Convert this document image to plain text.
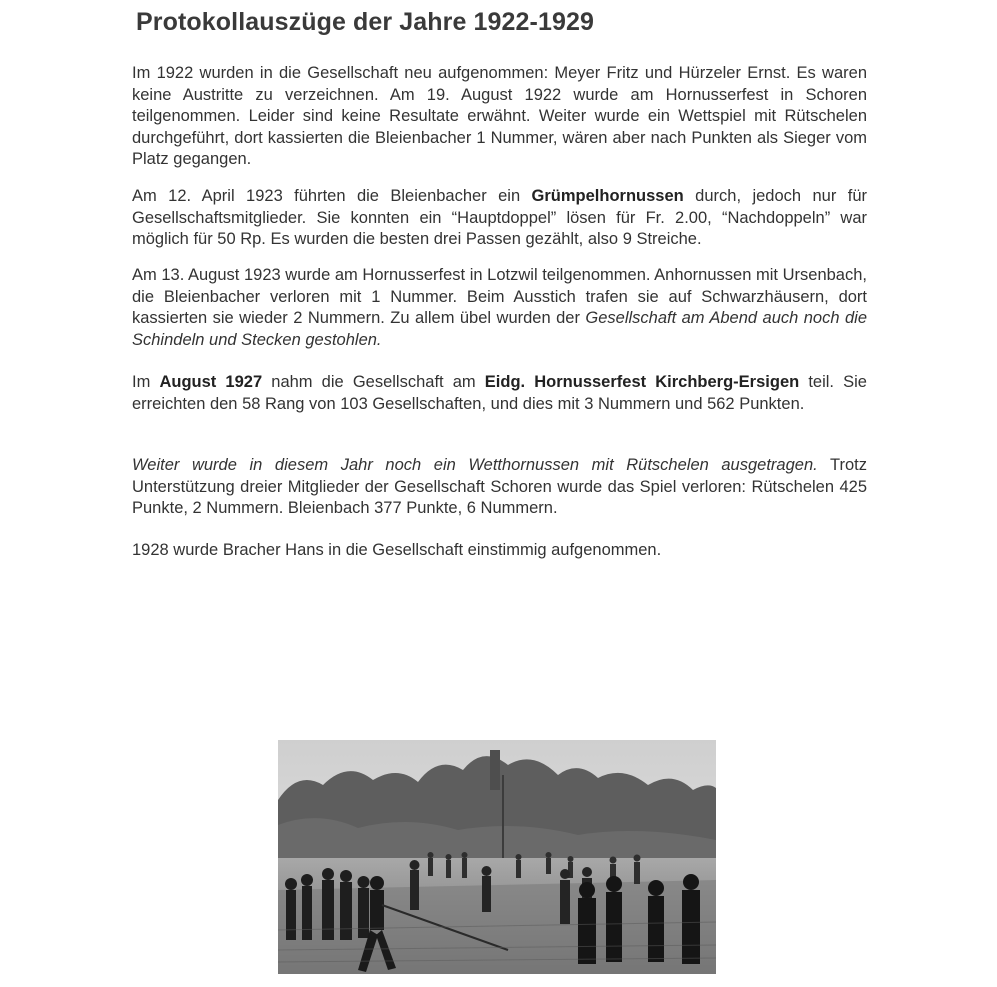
Protokollauszüge der Jahre 1922-1929

Im 1922 wurden in die Gesellschaft neu aufgenommen: Meyer Fritz und Hürzeler Ernst. Es waren keine Austritte zu verzeichnen. Am 19. August 1922 wurde am Hornusserfest in Schoren teilgenommen. Leider sind keine Resultate erwähnt. Weiter wurde ein Wettspiel mit Rütschelen durchgeführt, dort kassierten die Bleienbacher 1 Nummer, wären aber nach Punkten als Sieger vom Platz gegangen.

Am 12. April 1923 führten die Bleienbacher ein Grümpelhornussen durch, jedoch nur für Gesellschaftsmitglieder. Sie konnten ein “Hauptdoppel” lösen für Fr. 2.00, “Nachdoppeln” war möglich für 50 Rp. Es wurden die besten drei Passen gezählt, also 9 Streiche.

Am 13. August 1923 wurde am Hornusserfest in Lotzwil teilgenommen. Anhornussen mit Ursenbach, die Bleienbacher verloren mit 1 Nummer. Beim Ausstich trafen sie auf Schwarzhäusern, dort kassierten sie wieder 2 Nummern. Zu allem übel wurden der Gesellschaft am Abend auch noch die Schindeln und Stecken gestohlen.

Im August 1927 nahm die Gesellschaft am Eidg. Hornusserfest Kirchberg-Ersigen teil. Sie erreichten den 58 Rang von 103 Gesellschaften, und dies mit 3 Nummern und 562 Punkten.

Weiter wurde in diesem Jahr noch ein Wetthornussen mit Rütschelen ausgetragen. Trotz Unterstützung dreier Mitglieder der Gesellschaft Schoren wurde das Spiel verloren: Rütschelen 425 Punkte, 2 Nummern. Bleienbach 377 Punkte, 6 Nummern.

1928 wurde Bracher Hans in die Gesellschaft einstimmig aufgenommen.
